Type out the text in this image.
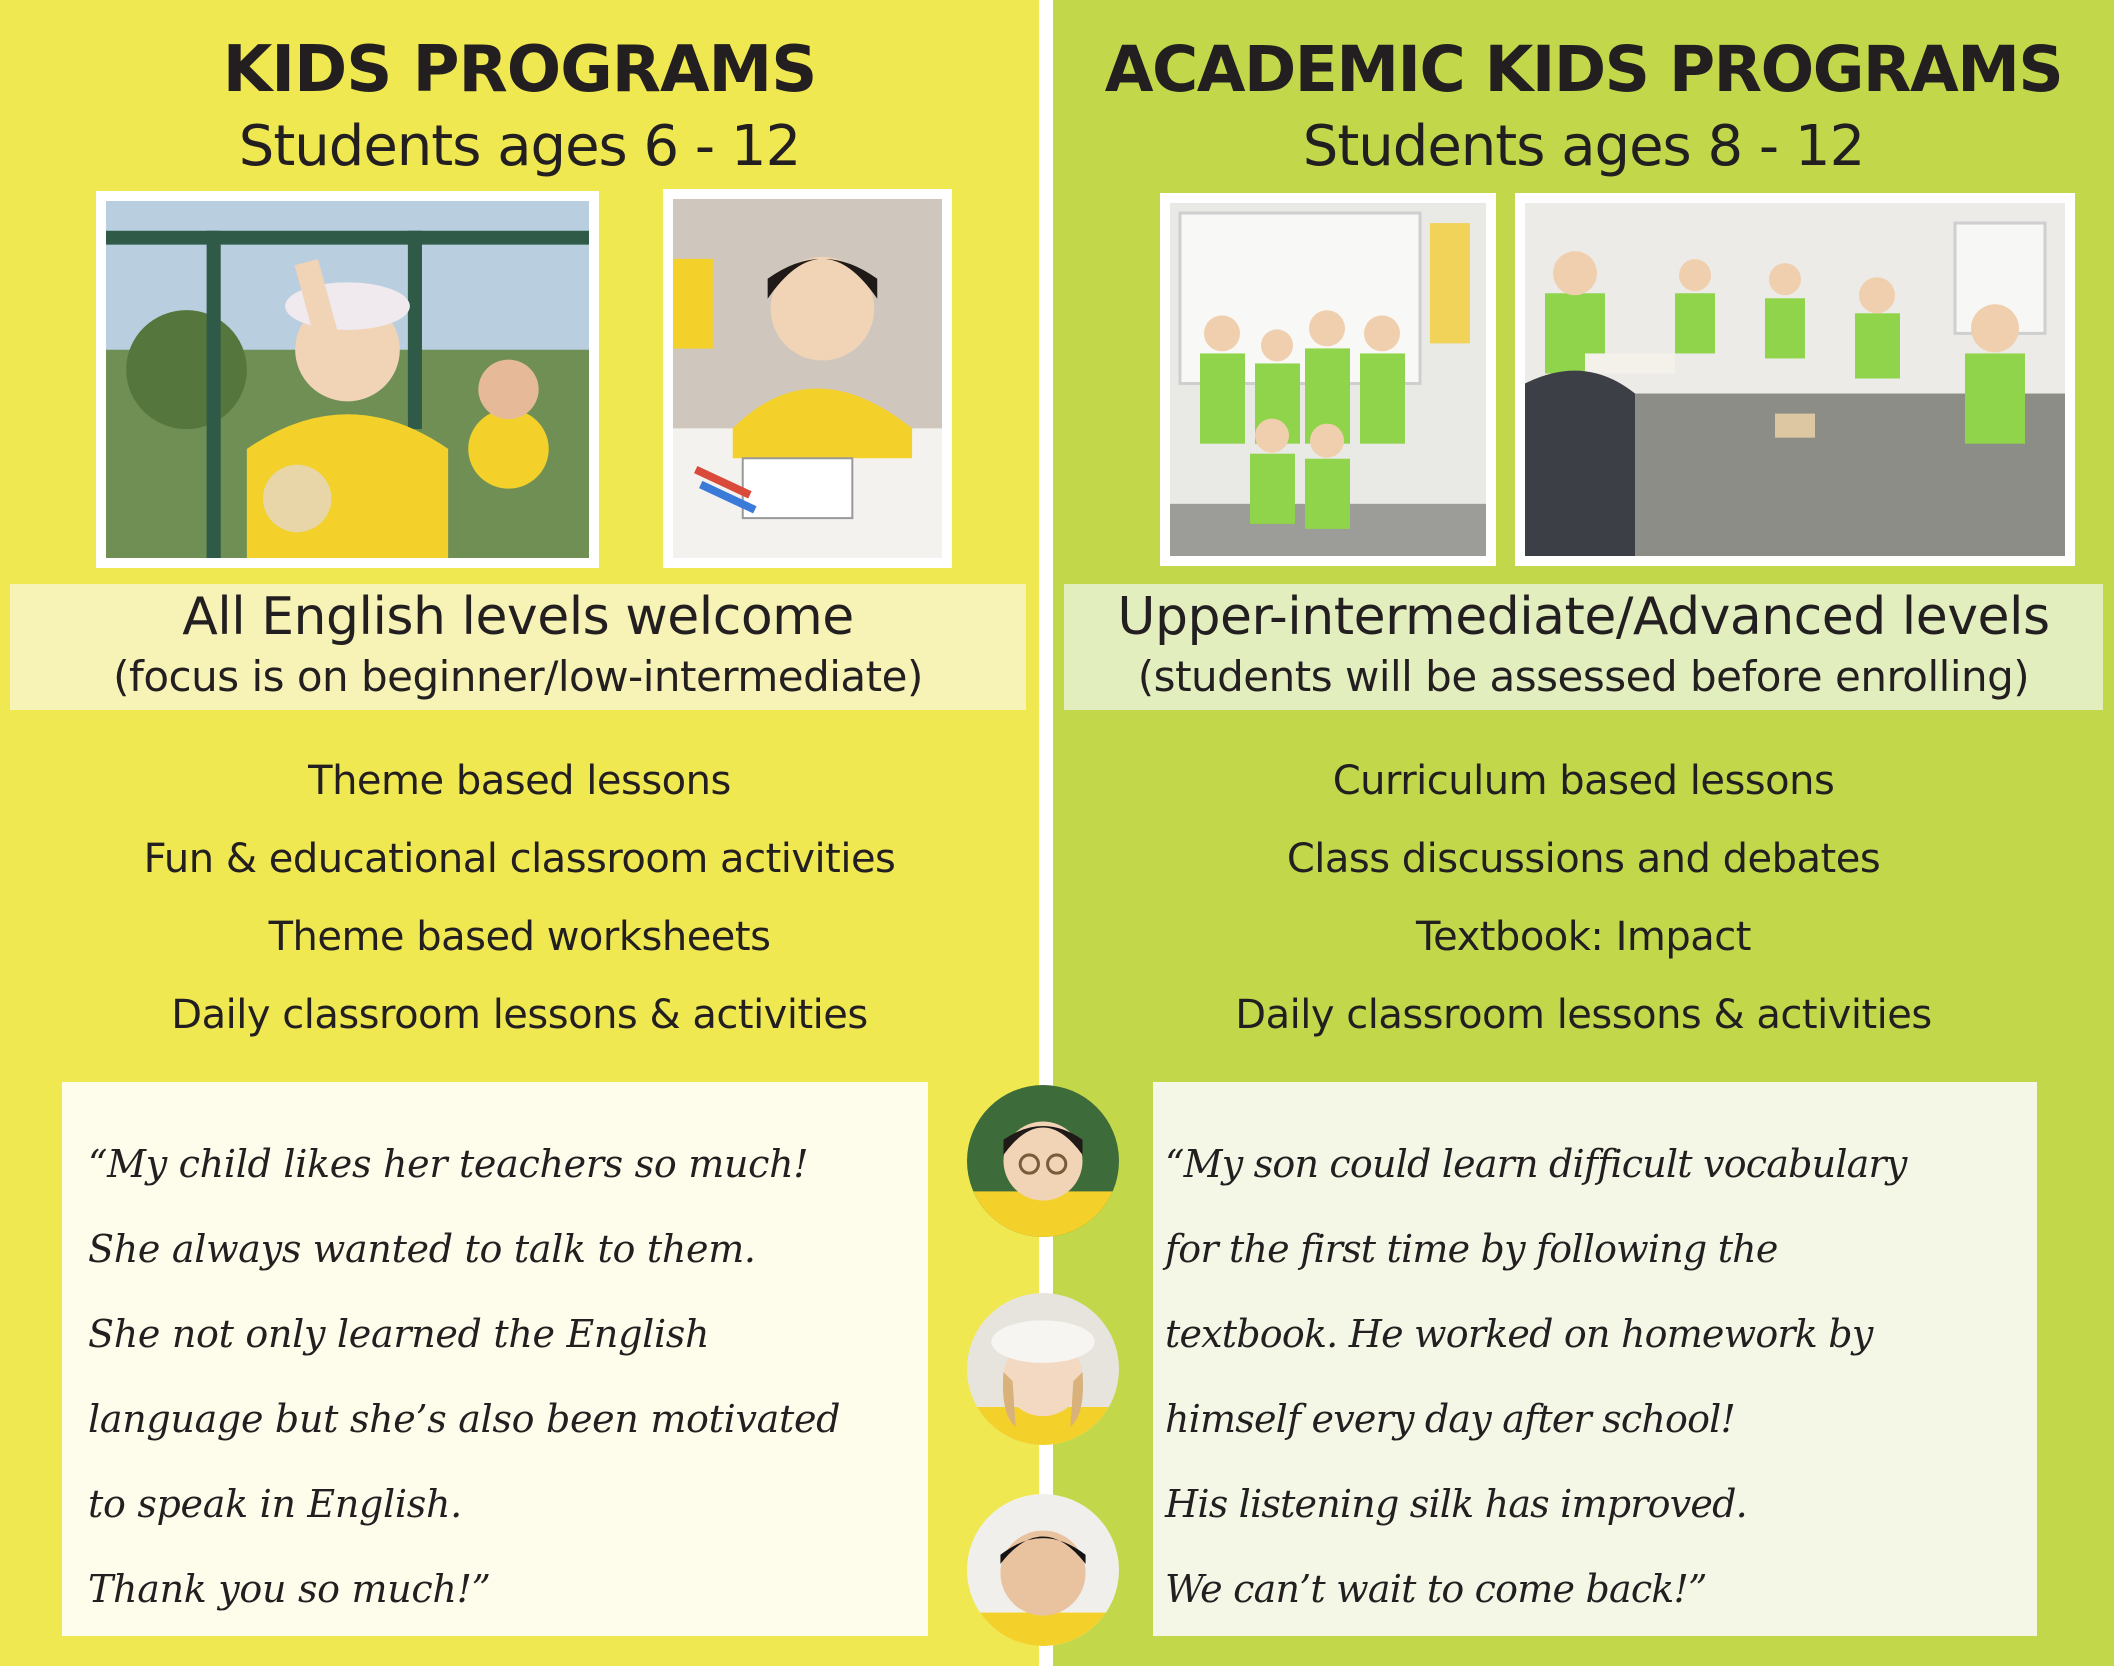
KIDS PROGRAMS
Students ages 6 - 12
All English levels welcome
(focus is on beginner/low-intermediate)
Theme based lessons
Fun & educational classroom activities
Theme based worksheets
Daily classroom lessons & activities
“My child likes her teachers so much!
She always wanted to talk to them.
She not only learned the English
language but she’s also been motivated
to speak in English.
Thank you so much!”
ACADEMIC KIDS PROGRAMS
Students ages 8 - 12
Upper-intermediate/Advanced levels
(students will be assessed before enrolling)
Curriculum based lessons
Class discussions and debates
Textbook: Impact
Daily classroom lessons & activities
“My son could learn difficult vocabulary
for the first time by following the
textbook. He worked on homework by
himself every day after school!
His listening silk has improved.
We can’t wait to come back!”
